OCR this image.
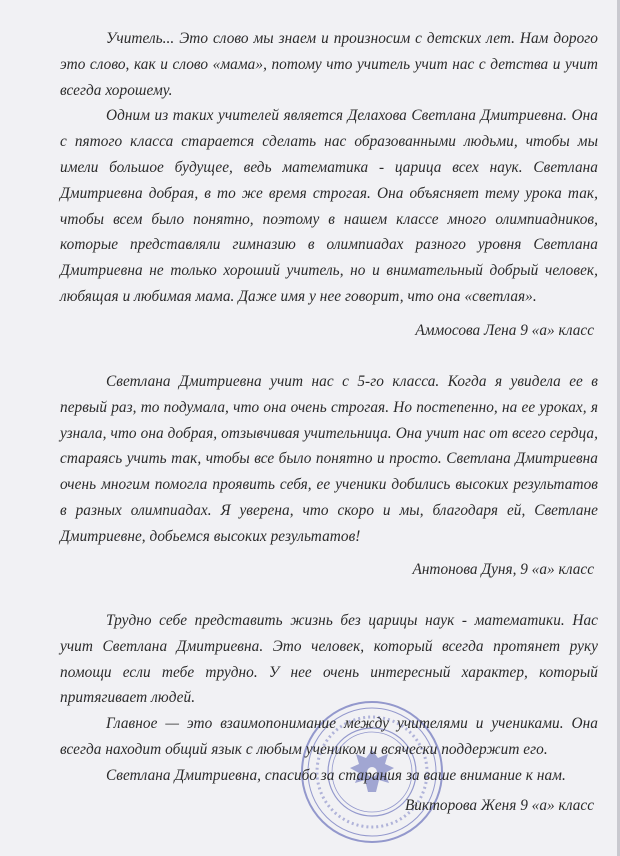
Учитель... Это слово мы знаем и произносим с детских лет. Нам дорого это слово, как и слово «мама», потому что учитель учит нас с детства и учит всегда хорошему.

Одним из таких учителей является Делахова Светлана Дмитриевна. Она с пятого класса старается сделать нас образованными людьми, чтобы мы имели большое будущее, ведь математика - царица всех наук. Светлана Дмитриевна добрая, в то же время строгая. Она объясняет тему урока так, чтобы всем было понятно, поэтому в нашем классе много олимпиадников, которые представляли гимназию в олимпиадах разного уровня Светлана Дмитриевна не только хороший учитель, но и внимательный добрый человек, любящая и любимая мама. Даже имя у нее говорит, что она «светлая».

Аммосова Лена 9 «а» класс

Светлана Дмитриевна учит нас с 5-го класса. Когда я увидела ее в первый раз, то подумала, что она очень строгая. Но постепенно, на ее уроках, я узнала, что она добрая, отзывчивая учительница. Она учит нас от всего сердца, стараясь учить так, чтобы все было понятно и просто. Светлана Дмитриевна очень многим помогла проявить себя, ее ученики добились высоких результатов в разных олимпиадах. Я уверена, что скоро и мы, благодаря ей, Светлане Дмитриевне, добьемся высоких результатов!

Антонова Дуня, 9 «а» класс

Трудно себе представить жизнь без царицы наук - математики. Нас учит Светлана Дмитриевна. Это человек, который всегда протянет руку помощи если тебе трудно. У нее очень интересный характер, который притягивает людей.

Главное — это взаимопонимание между учителями и учениками. Она всегда находит общий язык с любым учеником и всячески поддержит его.

Светлана Дмитриевна, спасибо за старания за ваше внимание к нам.

Викторова Женя 9 «а» класс
